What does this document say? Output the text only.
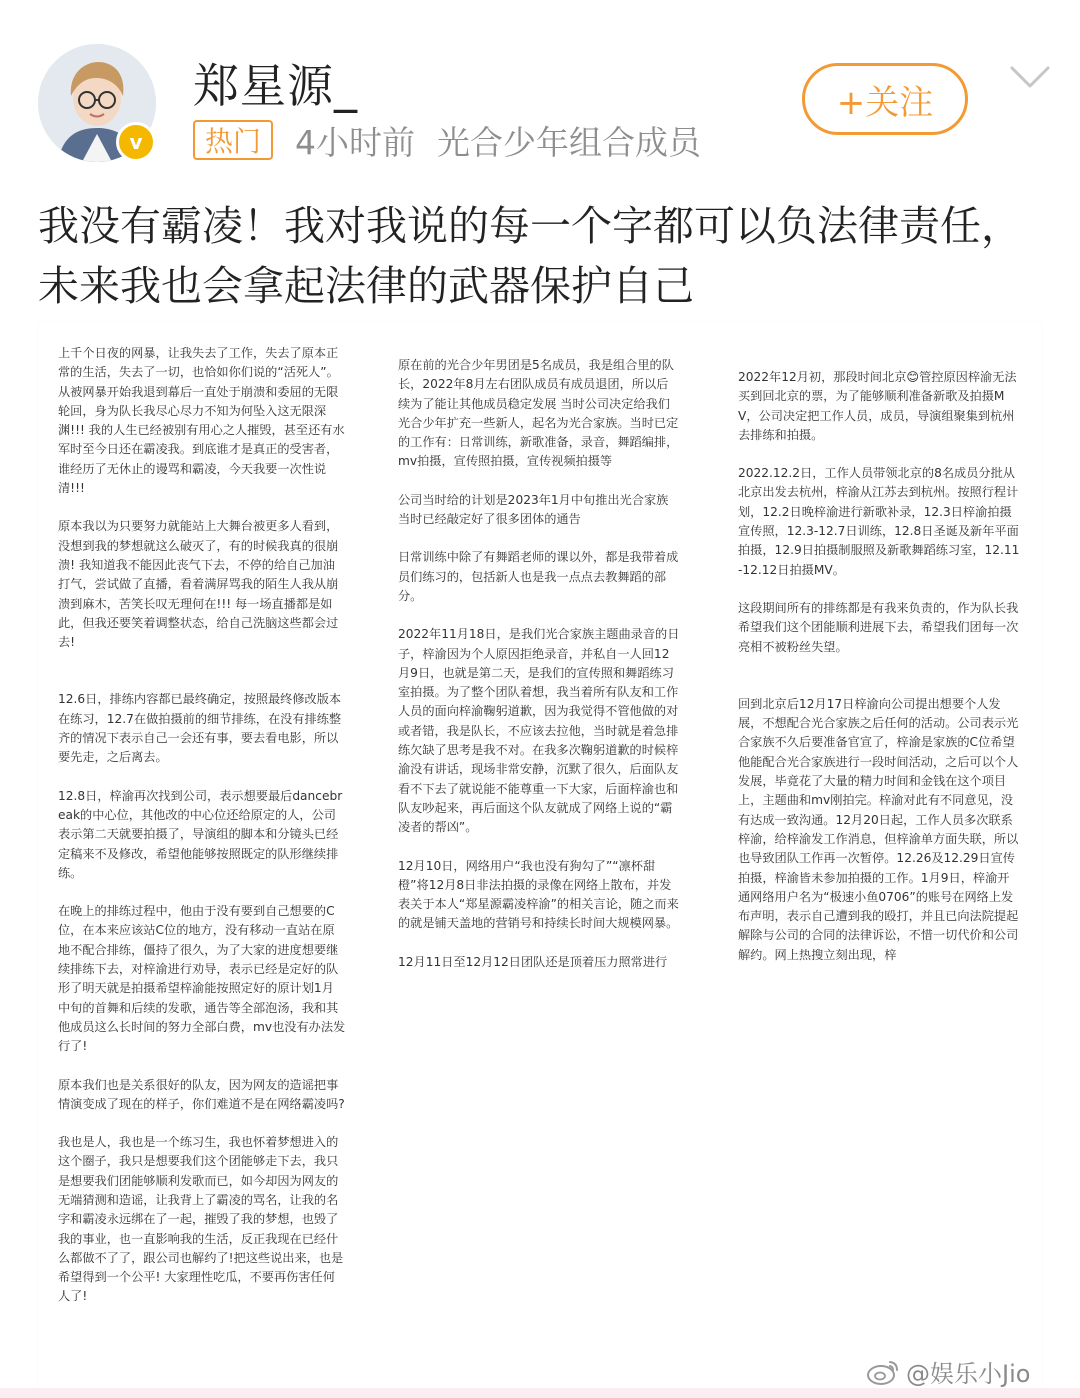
v
郑星源_
热门	4小时前 光合少年组合成员
+关注
我没有霸凌！我对我说的每一个字都可以负法律责任，未来我也会拿起法律的武器保护自己

上千个日夜的网暴，让我失去了工作，失去了原本正常的生活，失去了一切，也恰如你们说的“活死人”。从被网暴开始我退到幕后一直处于崩溃和委屈的无限轮回，身为队长我尽心尽力不知为何坠入这无限深渊!!! 我的人生已经被别有用心之人摧毁，甚至还有水军时至今日还在霸凌我。到底谁才是真正的受害者，谁经历了无休止的谩骂和霸凌，今天我要一次性说清!!!

原本我以为只要努力就能站上大舞台被更多人看到，没想到我的梦想就这么破灭了，有的时候我真的很崩溃! 我知道我不能因此丧气下去，不停的给自己加油打气，尝试做了直播，看着满屏骂我的陌生人我从崩溃到麻木，苦笑长叹无理何在!!! 每一场直播都是如此，但我还要笑着调整状态，给自己洗脑这些都会过去!

12.6日，排练内容都已最终确定，按照最终修改版本在练习，12.7在做拍摄前的细节排练，在没有排练整齐的情况下表示自己一会还有事，要去看电影，所以要先走，之后离去。

12.8日，梓渝再次找到公司，表示想要最后dancebreak的中心位，其他改的中心位还给原定的人，公司表示第二天就要拍摄了，导演组的脚本和分镜头已经定稿来不及修改，希望他能够按照既定的队形继续排练。

在晚上的排练过程中，他由于没有要到自己想要的C位，在本来应该站C位的地方，没有移动一直站在原地不配合排练，僵持了很久，为了大家的进度想要继续排练下去，对梓渝进行劝导，表示已经是定好的队形了明天就是拍摄希望梓渝能按照定好的原计划1月中旬的首舞和后续的发歌，通告等全部泡汤，我和其他成员这么长时间的努力全部白费，mv也没有办法发行了!

原本我们也是关系很好的队友，因为网友的造谣把事情演变成了现在的样子，你们难道不是在网络霸凌吗?

我也是人，我也是一个练习生，我也怀着梦想进入的这个圈子，我只是想要我们这个团能够走下去，我只是想要我们团能够顺利发歌而已，如今却因为网友的无端猜测和造谣，让我背上了霸凌的骂名，让我的名字和霸凌永远绑在了一起，摧毁了我的梦想，也毁了我的事业，也一直影响我的生活，反正我现在已经什么都做不了了，跟公司也解约了!把这些说出来，也是希望得到一个公平! 大家理性吃瓜，不要再伤害任何人了!

原在前的光合少年男团是5名成员，我是组合里的队长，2022年8月左右团队成员有成员退团，所以后续为了能让其他成员稳定发展 当时公司决定给我们光合少年扩充一些新人，起名为光合家族。当时已定的工作有：日常训练，新歌准备，录音，舞蹈编排，mv拍摄，宣传照拍摄，宣传视频拍摄等

公司当时给的计划是2023年1月中旬推出光合家族当时已经敲定好了很多团体的通告

日常训练中除了有舞蹈老师的课以外，都是我带着成员们练习的，包括新人也是我一点点去教舞蹈的部分。

2022年11月18日，是我们光合家族主题曲录音的日子，梓渝因为个人原因拒绝录音，并私自一人回12月9日，也就是第二天，是我们的宣传照和舞蹈练习室拍摄。为了整个团队着想，我当着所有队友和工作人员的面向梓渝鞠躬道歉，因为我觉得不管他做的对或者错，我是队长，不应该去拉他，当时就是着急排练欠缺了思考是我不对。在我多次鞠躬道歉的时候梓渝没有讲话，现场非常安静，沉默了很久，后面队友看不下去了就说能不能尊重一下大家，后面梓渝也和队友吵起来，再后面这个队友就成了网络上说的“霸凌者的帮凶”。

12月10日，网络用户“我也没有狗勾了”“凛杯甜橙”将12月8日非法拍摄的录像在网络上散布，并发表关于本人“郑星源霸凌梓渝”的相关言论，随之而来的就是铺天盖地的营销号和持续长时间大规模网暴。

12月11日至12月12日团队还是顶着压力照常进行

2022年12月初，那段时间北京😊管控原因梓渝无法买到回北京的票，为了能够顺利准备新歌及拍摄MV，公司决定把工作人员，成员，导演组聚集到杭州去排练和拍摄。

2022.12.2日，工作人员带领北京的8名成员分批从北京出发去杭州，梓渝从江苏去到杭州。按照行程计划，12.2日晚梓渝进行新歌补录，12.3日梓渝拍摄宣传照，12.3-12.7日训练，12.8日圣诞及新年平面拍摄，12.9日拍摄制服照及新歌舞蹈练习室，12.11-12.12日拍摄MV。

这段期间所有的排练都是有我来负责的，作为队长我希望我们这个团能顺利进展下去，希望我们团每一次亮相不被粉丝失望。

回到北京后12月17日梓渝向公司提出想要个人发展，不想配合光合家族之后任何的活动。公司表示光合家族不久后要准备官宣了，梓渝是家族的C位希望他能配合光合家族进行一段时间活动，之后可以个人发展，毕竟花了大量的精力时间和金钱在这个项目上，主题曲和mv刚拍完。梓渝对此有不同意见，没有达成一致沟通。12月20日起，工作人员多次联系梓渝，给梓渝发工作消息，但梓渝单方面失联，所以也导致团队工作再一次暂停。12.26及12.29日宣传拍摄，梓渝皆未参加拍摄的工作。1月9日，梓渝开通网络用户名为“极速小鱼0706”的账号在网络上发布声明，表示自己遭到我的殴打，并且已向法院提起解除与公司的合同的法律诉讼，不惜一切代价和公司解约。网上热搜立刻出现，梓

@娱乐小Jio
